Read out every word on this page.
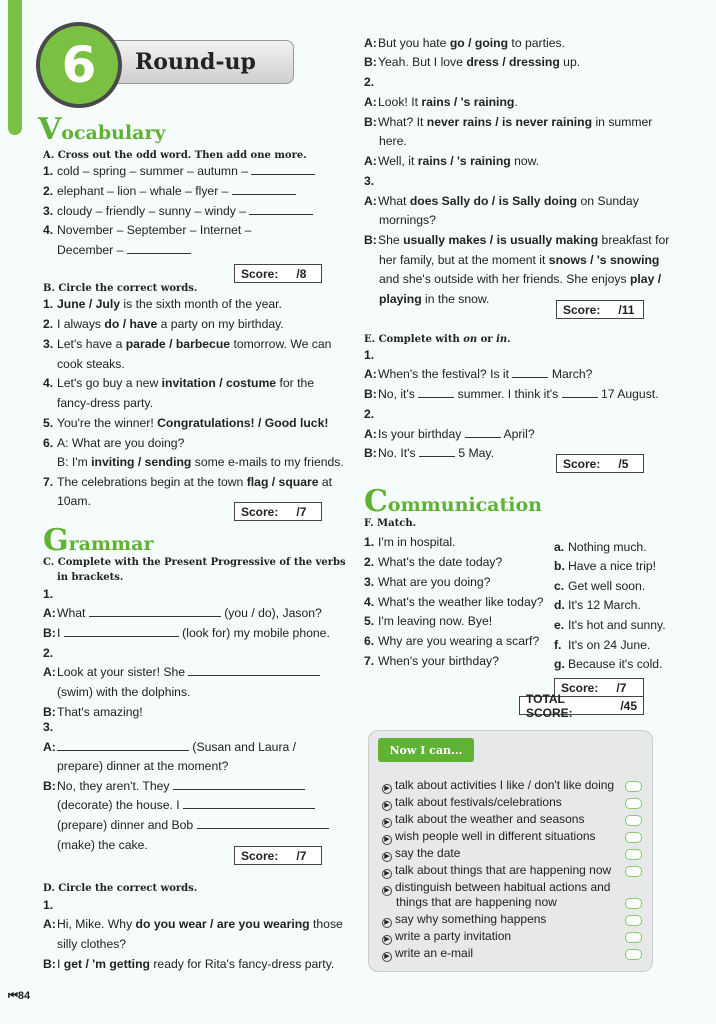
6 Round-up
Vocabulary
A. Cross out the odd word. Then add one more.
1. cold – spring – summer – autumn –
2. elephant – lion – whale – flyer –
3. cloudy – friendly – sunny – windy –
4. November – September – Internet –
December –
Score: /8
B. Circle the correct words.
1. June / July is the sixth month of the year.
2. I always do / have a party on my birthday.
3. Let's have a parade / barbecue tomorrow. We can
cook steaks.
4. Let's go buy a new invitation / costume for the
fancy-dress party.
5. You're the winner! Congratulations! / Good luck!
6. A: What are you doing?
B: I'm inviting / sending some e-mails to my friends.
7. The celebrations begin at the town flag / square at
10am.
Score: /7
Grammar
C. Complete with the Present Progressive of the verbs
in brackets.
1.
A:What	(you / do), Jason?
B:I	(look for) my mobile phone.
2.
A:Look at your sister! She
(swim) with the dolphins.
B:That's amazing!
3.
A:	(Susan and Laura /
prepare) dinner at the moment?
B:No, they aren't. They
(decorate) the house. I
(prepare) dinner and Bob
(make) the cake.
Score: /7
D. Circle the correct words.
1.
A:Hi, Mike. Why do you wear / are you wearing those
silly clothes?
B:I get / 'm getting ready for Rita's fancy-dress party.
A:But you hate go / going to parties.
B:Yeah. But I love dress / dressing up.
2.
A:Look! It rains / 's raining.
B:What? It never rains / is never raining in summer
here.
A:Well, it rains / 's raining now.
3.
A:What does Sally do / is Sally doing on Sunday
mornings?
B:She usually makes / is usually making breakfast for
her family, but at the moment it snows / 's snowing
and she's outside with her friends. She enjoys play /
playing in the snow.
Score: /11
E. Complete with on or in.
1.
A:When's the festival? Is it	March?
B:No, it's	summer. I think it's	17 August.
2.
A:Is your birthday	April?
B:No. It's	5 May.
Score: /5
Communication
F. Match.
1. I'm in hospital.
2. What's the date today?
3. What are you doing?
4. What's the weather like today?
5. I'm leaving now. Bye!
6. Why are you wearing a scarf?
7. When's your birthday?
a. Nothing much.
b. Have a nice trip!
c. Get well soon.
d. It's 12 March.
e. It's hot and sunny.
f. It's on 24 June.
g. Because it's cold.
Score: /7
TOTAL SCORE:	/45
Now I can...
▶ talk about activities I like / don't like doing
▶ talk about festivals/celebrations
▶ talk about the weather and seasons
▶ wish people well in different situations
▶ say the date
▶ talk about things that are happening now
▶ distinguish between habitual actions and
things that are happening now
▶ say why something happens
▶ write a party invitation
▶ write an e-mail
⏮84
